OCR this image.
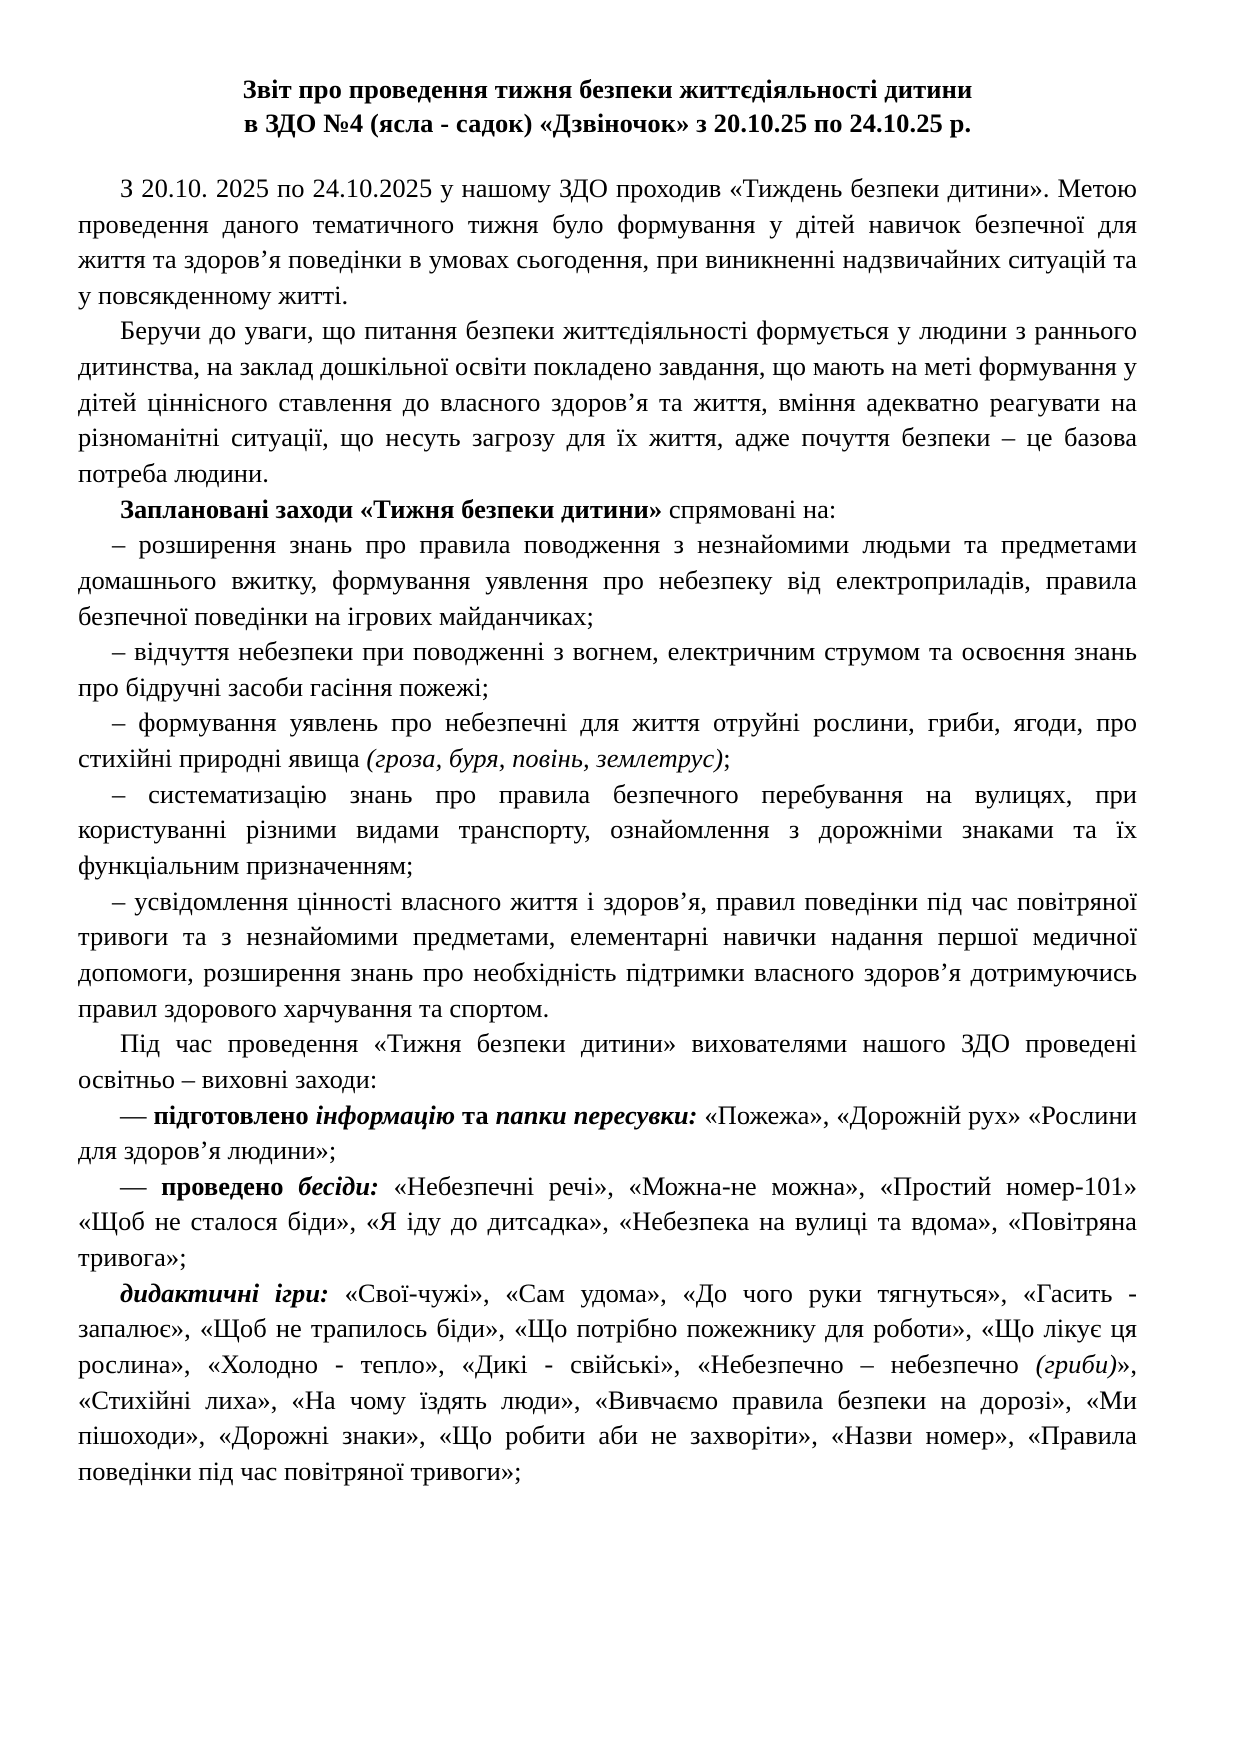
Звіт про проведення тижня безпеки життєдіяльності дитини
в ЗДО №4 (ясла - садок) «Дзвіночок» з 20.10.25 по 24.10.25 р.

З 20.10. 2025 по 24.10.2025 у нашому ЗДО проходив «Тиждень безпеки дитини». Метою проведення даного тематичного тижня було формування у дітей навичок безпечної для життя та здоров’я поведінки в умовах сьогодення, при виникненні надзвичайних ситуацій та у повсякденному житті.

Беручи до уваги, що питання безпеки життєдіяльності формується у людини з раннього дитинства, на заклад дошкільної освіти покладено завдання, що мають на меті формування у дітей ціннісного ставлення до власного здоров’я та життя, вміння адекватно реагувати на різноманітні ситуації, що несуть загрозу для їх життя, адже почуття безпеки – це базова потреба людини.

Заплановані заходи «Тижня безпеки дитини» спрямовані на:

– розширення знань про правила поводження з незнайомими людьми та предметами домашнього вжитку, формування уявлення про небезпеку від електроприладів, правила безпечної поведінки на ігрових майданчиках;

– відчуття небезпеки при поводженні з вогнем, електричним струмом та освоєння знань про бідручні засоби гасіння пожежі;

– формування уявлень про небезпечні для життя отруйні рослини, гриби, ягоди, про стихійні природні явища (гроза, буря, повінь, землетрус);

– систематизацію знань про правила безпечного перебування на вулицях, при користуванні різними видами транспорту, ознайомлення з дорожніми знаками та їх функціальним призначенням;

– усвідомлення цінності власного життя і здоров’я, правил поведінки під час повітряної тривоги та з незнайомими предметами, елементарні навички надання першої медичної допомоги, розширення знань про необхідність підтримки власного здоров’я дотримуючись правил здорового харчування та спортом.

Під час проведення «Тижня безпеки дитини» вихователями нашого ЗДО проведені освітньо – виховні заходи:

— підготовлено інформацію та папки пересувки: «Пожежа», «Дорожній рух» «Рослини для здоров’я людини»;

— проведено бесіди: «Небезпечні речі», «Можна-не можна», «Простий номер-101» «Щоб не сталося біди», «Я іду до дитсадка», «Небезпека на вулиці та вдома», «Повітряна тривога»;

дидактичні ігри: «Свої-чужі», «Сам удома», «До чого руки тягнуться», «Гасить - запалює», «Щоб не трапилось біди», «Що потрібно пожежнику для роботи», «Що лікує ця рослина», «Холодно - тепло», «Дикі - свійські», «Небезпечно – небезпечно (гриби)», «Стихійні лиха», «На чому їздять люди», «Вивчаємо правила безпеки на дорозі», «Ми пішоходи», «Дорожні знаки», «Що робити аби не захворіти», «Назви номер», «Правила поведінки під час повітряної тривоги»;
